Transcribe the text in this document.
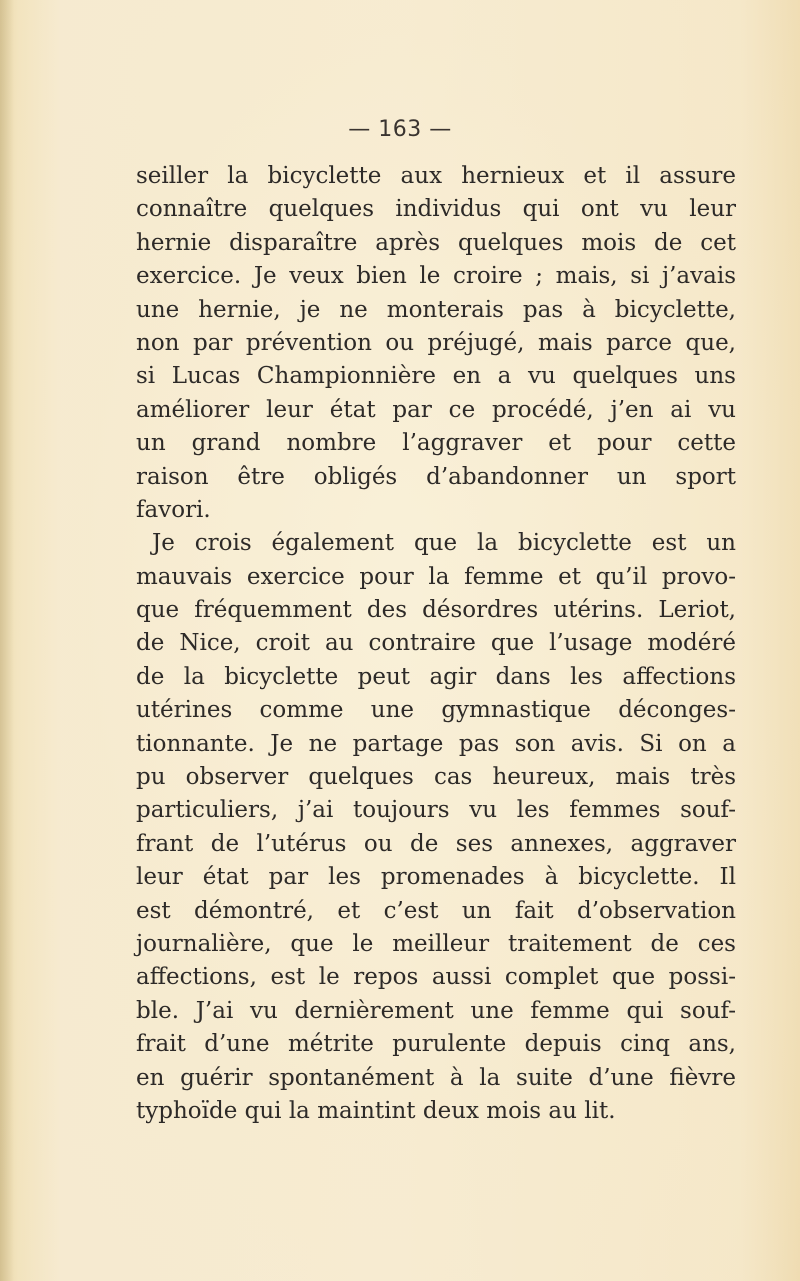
— 163 —
seiller la bicyclette aux hernieux et il assure
connaître quelques individus qui ont vu leur
hernie disparaître après quelques mois de cet
exercice. Je veux bien le croire ; mais, si j’avais
une hernie, je ne monterais pas à bicyclette,
non par prévention ou préjugé, mais parce que,
si Lucas Championnière en a vu quelques uns
améliorer leur état par ce procédé, j’en ai vu
un grand nombre l’aggraver et pour cette
raison être obligés d’abandonner un sport
favori.
Je crois également que la bicyclette est un
mauvais exercice pour la femme et qu’il provo-
que fréquemment des désordres utérins. Leriot,
de Nice, croit au contraire que l’usage modéré
de la bicyclette peut agir dans les affections
utérines comme une gymnastique déconges-
tionnante. Je ne partage pas son avis. Si on a
pu observer quelques cas heureux, mais très
particuliers, j’ai toujours vu les femmes souf-
frant de l’utérus ou de ses annexes, aggraver
leur état par les promenades à bicyclette. Il
est démontré, et c’est un fait d’observation
journalière, que le meilleur traitement de ces
affections, est le repos aussi complet que possi-
ble. J’ai vu dernièrement une femme qui souf-
frait d’une métrite purulente depuis cinq ans,
en guérir spontanément à la suite d’une fièvre
typhoïde qui la maintint deux mois au lit.
